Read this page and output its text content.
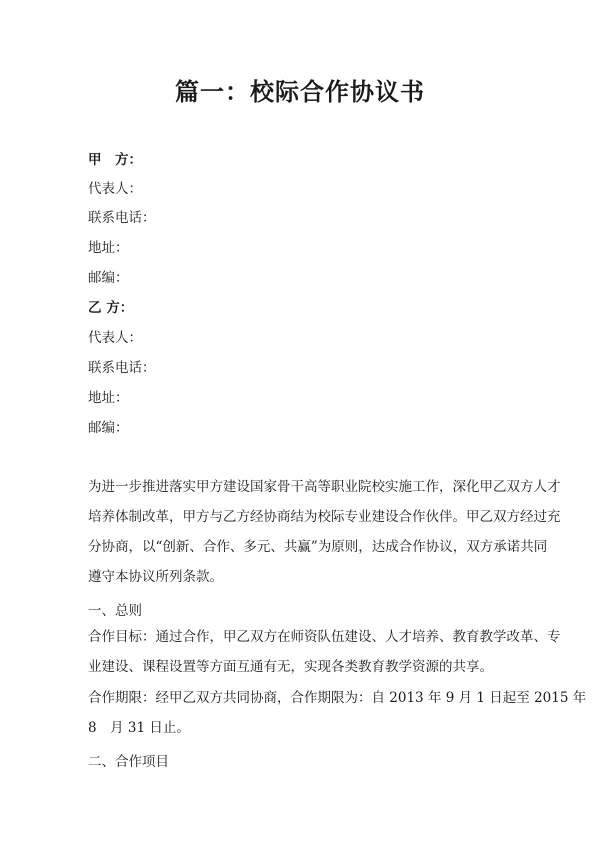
篇一：校际合作协议书

甲　方：

代表人：

联系电话：

地址：

邮编：

乙 方：

代表人：

联系电话：

地址：

邮编：

为进一步推进落实甲方建设国家骨干高等职业院校实施工作，深化甲乙双方人才
培养体制改革，甲方与乙方经协商结为校际专业建设合作伙伴。甲乙双方经过充
分协商，以“创新、合作、多元、共赢”为原则，达成合作协议，双方承诺共同
遵守本协议所列条款。

一、总则

合作目标：通过合作，甲乙双方在师资队伍建设、人才培养、教育教学改革、专
业建设、课程设置等方面互通有无，实现各类教育教学资源的共享。
合作期限：经甲乙双方共同协商，合作期限为：自 2013 年 9 月 1 日起至 2015 年
8　月 31 日止。

二、合作项目
